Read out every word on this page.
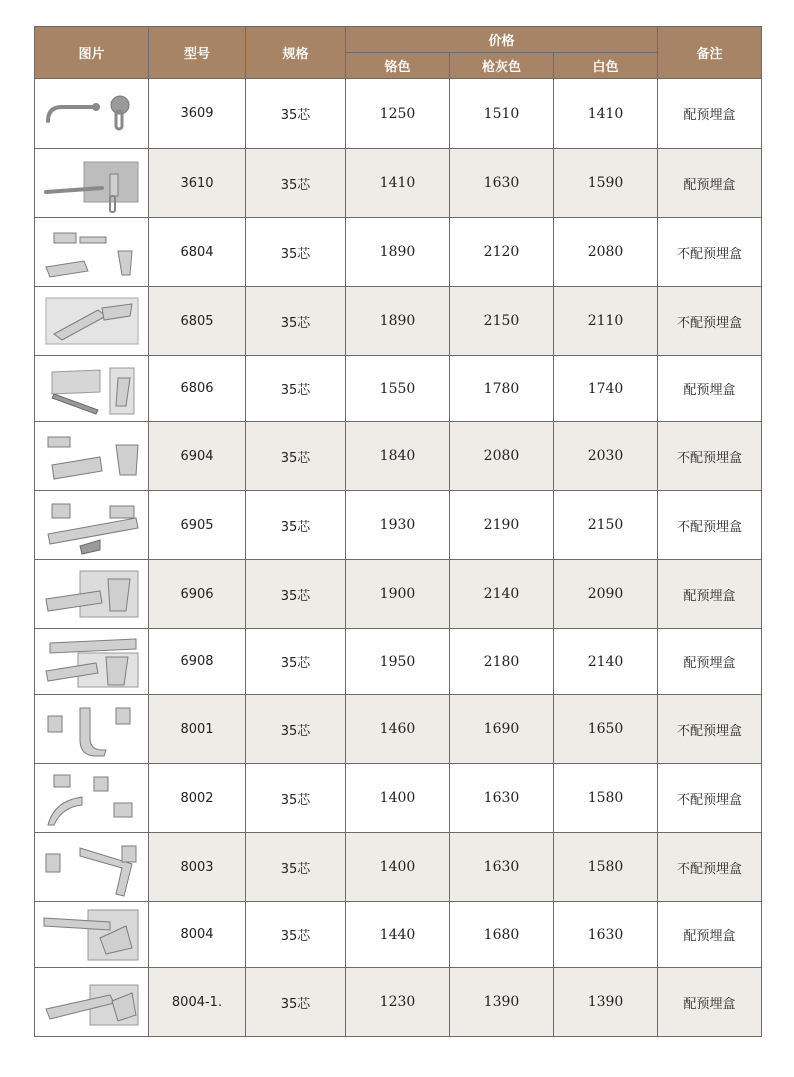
图片	型号	规格	价格			备注
			铬色	枪灰色	白色	

	3609	35芯	1250	1510	1410	配预埋盒

	3610	35芯	1410	1630	1590	配预埋盒

	6804	35芯	1890	2120	2080	不配预埋盒

	6805	35芯	1890	2150	2110	不配预埋盒

	6806	35芯	1550	1780	1740	配预埋盒

	6904	35芯	1840	2080	2030	不配预埋盒

	6905	35芯	1930	2190	2150	不配预埋盒

	6906	35芯	1900	2140	2090	配预埋盒

	6908	35芯	1950	2180	2140	配预埋盒

	8001	35芯	1460	1690	1650	不配预埋盒

	8002	35芯	1400	1630	1580	不配预埋盒

	8003	35芯	1400	1630	1580	不配预埋盒

	8004	35芯	1440	1680	1630	配预埋盒

	8004-1.	35芯	1230	1390	1390	配预埋盒
